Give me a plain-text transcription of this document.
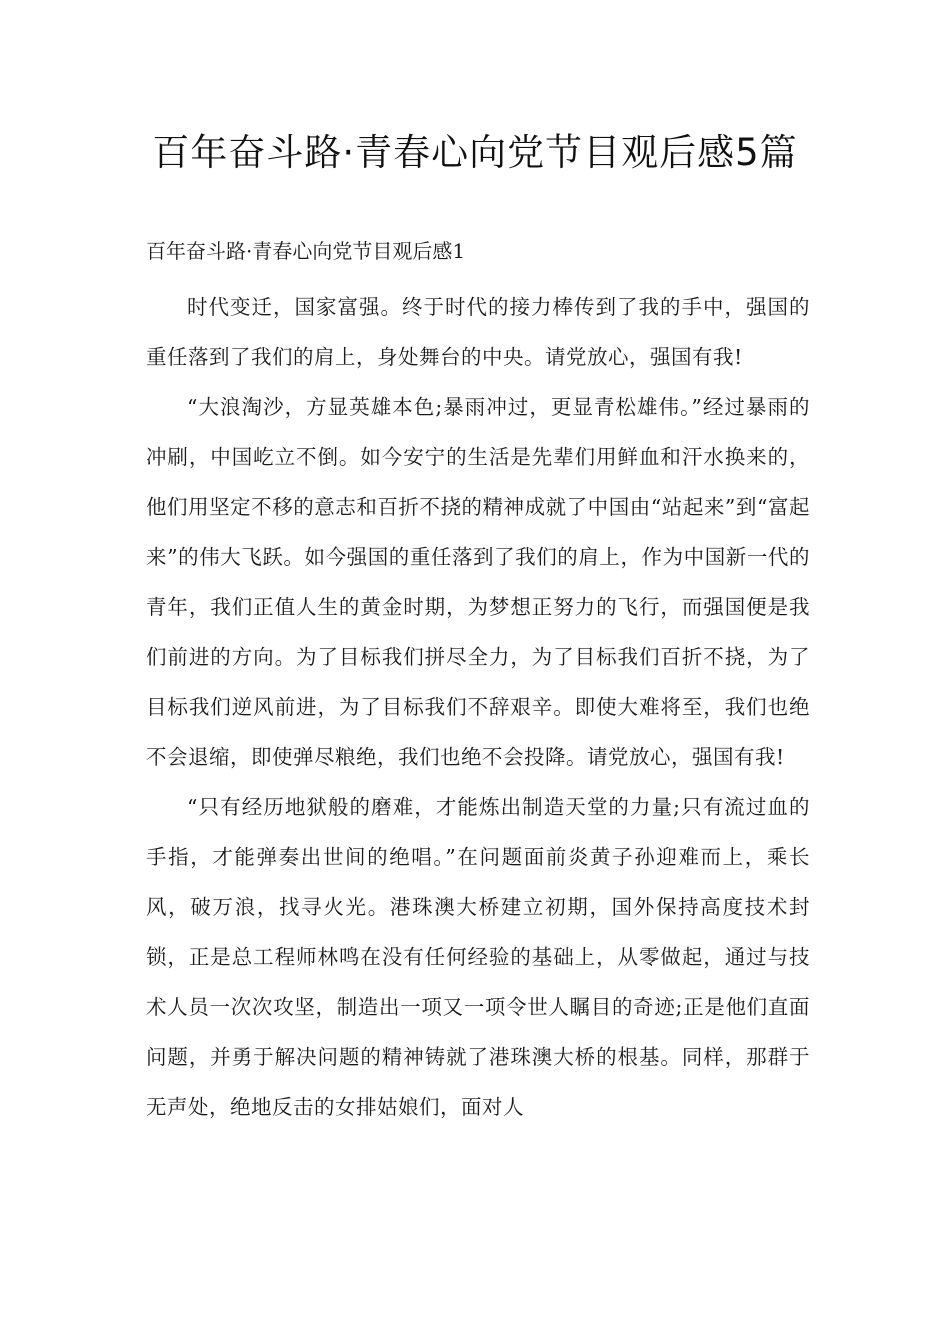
百年奋斗路·青春心向党节目观后感5篇
百年奋斗路·青春心向党节目观后感1

时代变迁，国家富强。终于时代的接力棒传到了我的手中，强国的重任落到了我们的肩上，身处舞台的中央。请党放心，强国有我!

“大浪淘沙，方显英雄本色;暴雨冲过，更显青松雄伟。”经过暴雨的冲刷，中国屹立不倒。如今安宁的生活是先辈们用鲜血和汗水换来的，他们用坚定不移的意志和百折不挠的精神成就了中国由“站起来”到“富起来”的伟大飞跃。如今强国的重任落到了我们的肩上，作为中国新一代的青年，我们正值人生的黄金时期，为梦想正努力的飞行，而强国便是我们前进的方向。为了目标我们拼尽全力，为了目标我们百折不挠，为了目标我们逆风前进，为了目标我们不辞艰辛。即使大难将至，我们也绝不会退缩，即使弹尽粮绝，我们也绝不会投降。请党放心，强国有我!

“只有经历地狱般的磨难，才能炼出制造天堂的力量;只有流过血的手指，才能弹奏出世间的绝唱。”在问题面前炎黄子孙迎难而上，乘长风，破万浪，找寻火光。港珠澳大桥建立初期，国外保持高度技术封锁，正是总工程师林鸣在没有任何经验的基础上，从零做起，通过与技术人员一次次攻坚，制造出一项又一项令世人瞩目的奇迹;正是他们直面问题，并勇于解决问题的精神铸就了港珠澳大桥的根基。同样，那群于无声处，绝地反击的女排姑娘们，面对人
